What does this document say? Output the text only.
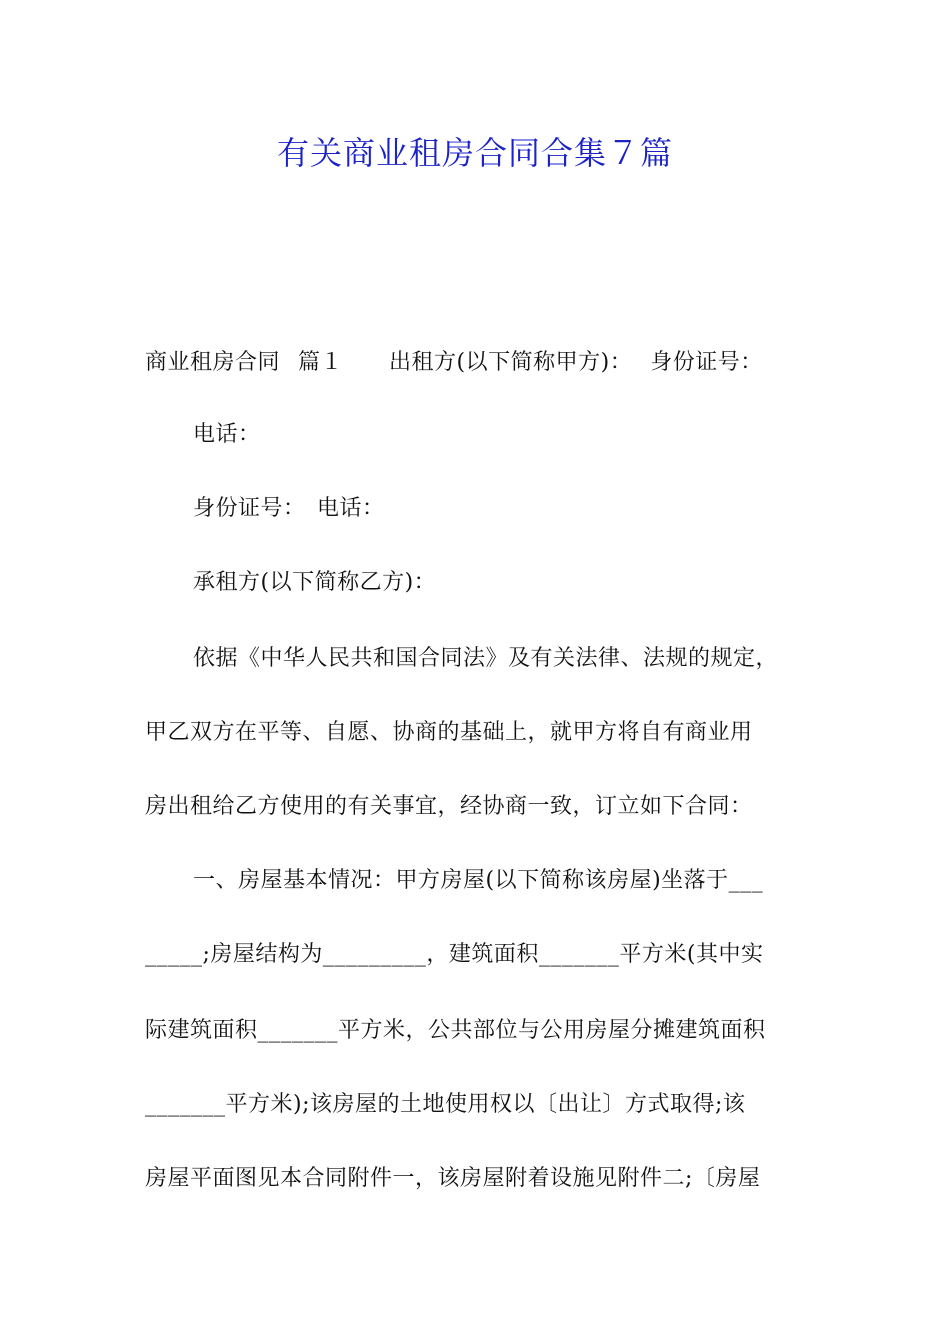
有关商业租房合同合集７篇
商业租房合同 篇１ 出租方(以下简称甲方)： 身份证号：
电话：
身份证号：　电话：
承租方(以下简称乙方)：
依据《中华人民共和国合同法》及有关法律、法规的规定，
甲乙双方在平等、自愿、协商的基础上，就甲方将自有商业用
房出租给乙方使用的有关事宜，经协商一致，订立如下合同：
一、房屋基本情况：甲方房屋(以下简称该房屋)坐落于___
_____;房屋结构为_________，建筑面积_______平方米(其中实
际建筑面积_______平方米，公共部位与公用房屋分摊建筑面积
_______平方米);该房屋的土地使用权以〔出让〕方式取得;该
房屋平面图见本合同附件一，该房屋附着设施见附件二;〔房屋
